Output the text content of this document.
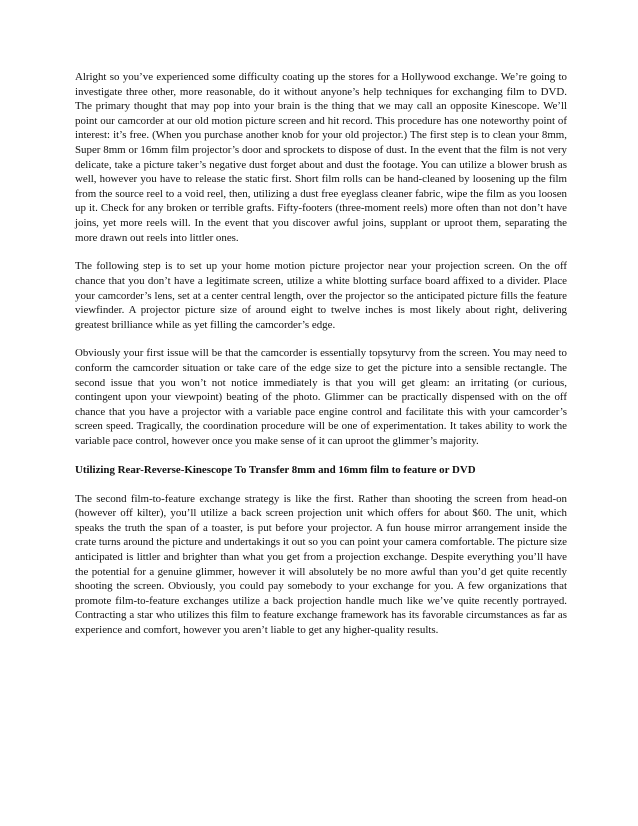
Alright so you’ve experienced some difficulty coating up the stores for a Hollywood exchange. We’re going to investigate three other, more reasonable, do it without anyone’s help techniques for exchanging film to DVD. The primary thought that may pop into your brain is the thing that we may call an opposite Kinescope. We’ll point our camcorder at our old motion picture screen and hit record. This procedure has one noteworthy point of interest: it’s free. (When you purchase another knob for your old projector.) The first step is to clean your 8mm, Super 8mm or 16mm film projector’s door and sprockets to dispose of dust. In the event that the film is not very delicate, take a picture taker’s negative dust forget about and dust the footage. You can utilize a blower brush as well, however you have to release the static first. Short film rolls can be hand-cleaned by loosening up the film from the source reel to a void reel, then, utilizing a dust free eyeglass cleaner fabric, wipe the film as you loosen up it. Check for any broken or terrible grafts. Fifty-footers (three-moment reels) more often than not don’t have joins, yet more reels will. In the event that you discover awful joins, supplant or uproot them, separating the more drawn out reels into littler ones.

The following step is to set up your home motion picture projector near your projection screen. On the off chance that you don’t have a legitimate screen, utilize a white blotting surface board affixed to a divider. Place your camcorder’s lens, set at a center central length, over the projector so the anticipated picture fills the feature viewfinder. A projector picture size of around eight to twelve inches is most likely about right, delivering greatest brilliance while as yet filling the camcorder’s edge.

Obviously your first issue will be that the camcorder is essentially topsyturvy from the screen. You may need to conform the camcorder situation or take care of the edge size to get the picture into a sensible rectangle. The second issue that you won’t not notice immediately is that you will get gleam: an irritating (or curious, contingent upon your viewpoint) beating of the photo. Glimmer can be practically dispensed with on the off chance that you have a projector with a variable pace engine control and facilitate this with your camcorder’s screen speed. Tragically, the coordination procedure will be one of experimentation. It takes ability to work the variable pace control, however once you make sense of it can uproot the glimmer’s majority.

Utilizing Rear-Reverse-Kinescope To Transfer 8mm and 16mm film to feature or DVD

The second film-to-feature exchange strategy is like the first. Rather than shooting the screen from head-on (however off kilter), you’ll utilize a back screen projection unit which offers for about $60. The unit, which speaks the truth the span of a toaster, is put before your projector. A fun house mirror arrangement inside the crate turns around the picture and undertakings it out so you can point your camera comfortable. The picture size anticipated is littler and brighter than what you get from a projection exchange. Despite everything you’ll have the potential for a genuine glimmer, however it will absolutely be no more awful than you’d get quite recently shooting the screen. Obviously, you could pay somebody to your exchange for you. A few organizations that promote film-to-feature exchanges utilize a back projection handle much like we’ve quite recently portrayed. Contracting a star who utilizes this film to feature exchange framework has its favorable circumstances as far as experience and comfort, however you aren’t liable to get any higher-quality results.
